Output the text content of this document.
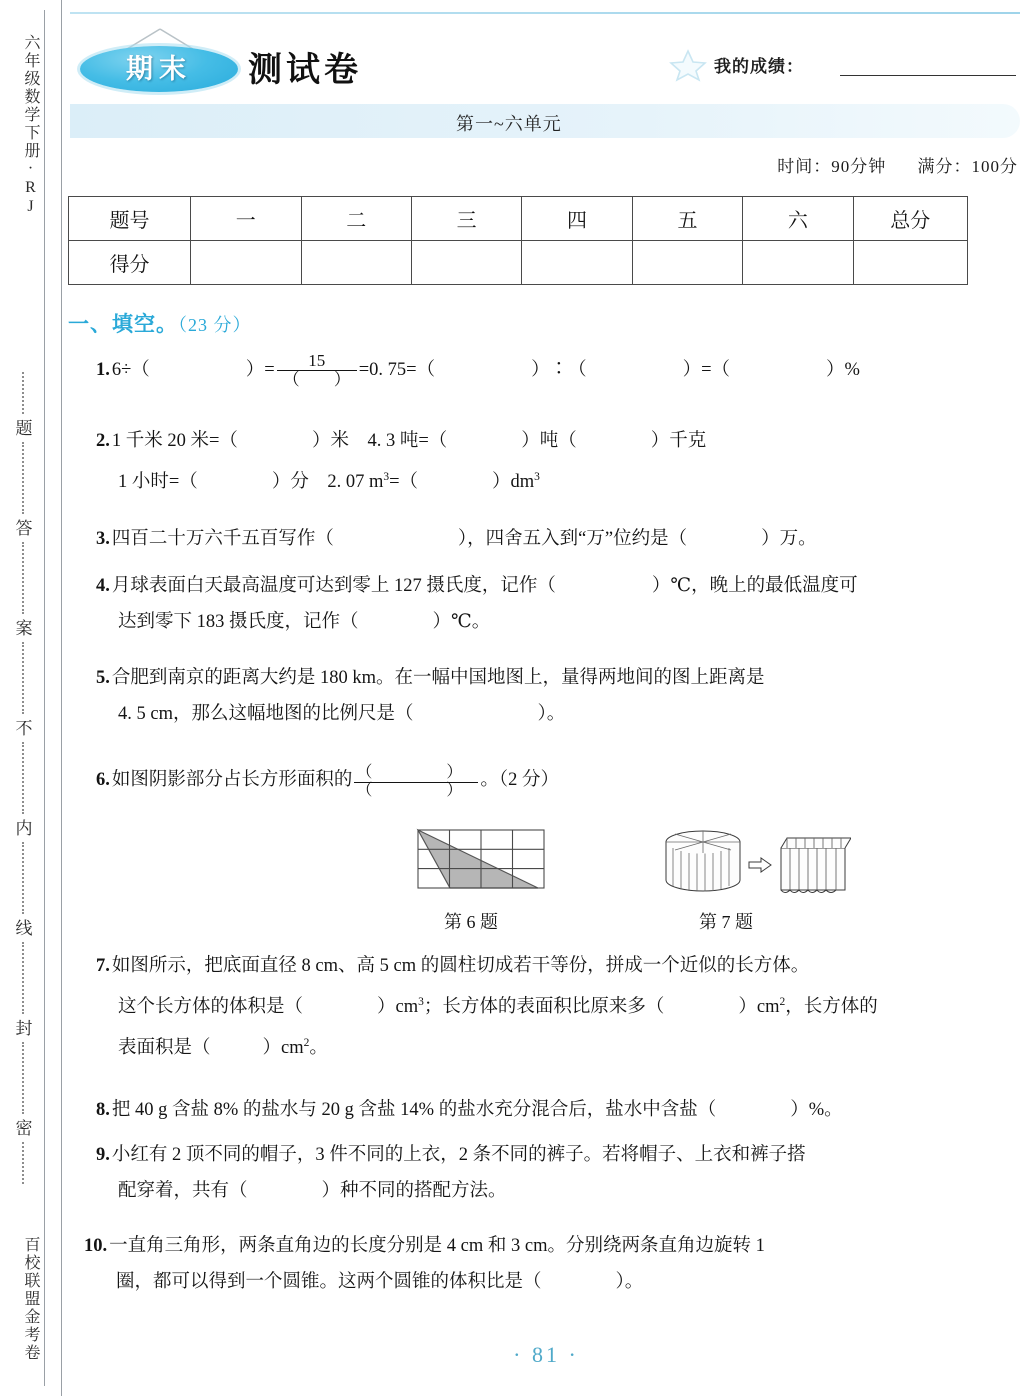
六年级数学下册·RJ
题
答
案
不
内
线
封
密
百校联盟金考卷
期末	测试卷	我的成绩：
第一~六单元
时间：90分钟 满分：100分
题号	一	二	三	四	五	六	总分
得分							
一、填空。（23 分）
1. 6÷（	）= $\frac{15}{( )} =0$. 75=（	）∶（	）=（	）%
2. 1 千米 20 米=（	）米　4. 3 吨=（	）吨（	）千克
1 小时=（	）分　2. 07 $m^3=$（	）$dm^3$
3. 四百二十万六千五百写作（	），四舍五入到“万”位约是（	）万。
4. 月球表面白天最高温度可达到零上 127 摄氏度，记作（	）℃，晚上的最低温度可
达到零下 183 摄氏度，记作（	）℃。
5. 合肥到南京的距离大约是 180 km。在一幅中国地图上，量得两地间的图上距离是
4. 5 cm，那么这幅地图的比例尺是（	）。
6. 如图阴影部分占长方形面积的 $\frac{( )}{( )}$ 。（2 分）
第 6 题	第 7 题
7. 如图所示，把底面直径 8 cm、高 5 cm 的圆柱切成若干等份，拼成一个近似的长方体。
这个长方体的体积是（	）$cm^3$；长方体的表面积比原来多（	）$cm^2$，长方体的
表面积是（	）$cm^2$。
8. 把 40 g 含盐 8% 的盐水与 20 g 含盐 14% 的盐水充分混合后，盐水中含盐（	）%。
9. 小红有 2 顶不同的帽子，3 件不同的上衣，2 条不同的裤子。若将帽子、上衣和裤子搭
配穿着，共有（	）种不同的搭配方法。
10. 一直角三角形，两条直角边的长度分别是 4 cm 和 3 cm。分别绕两条直角边旋转 1
圈，都可以得到一个圆锥。这两个圆锥的体积比是（	）。
· 81 ·
